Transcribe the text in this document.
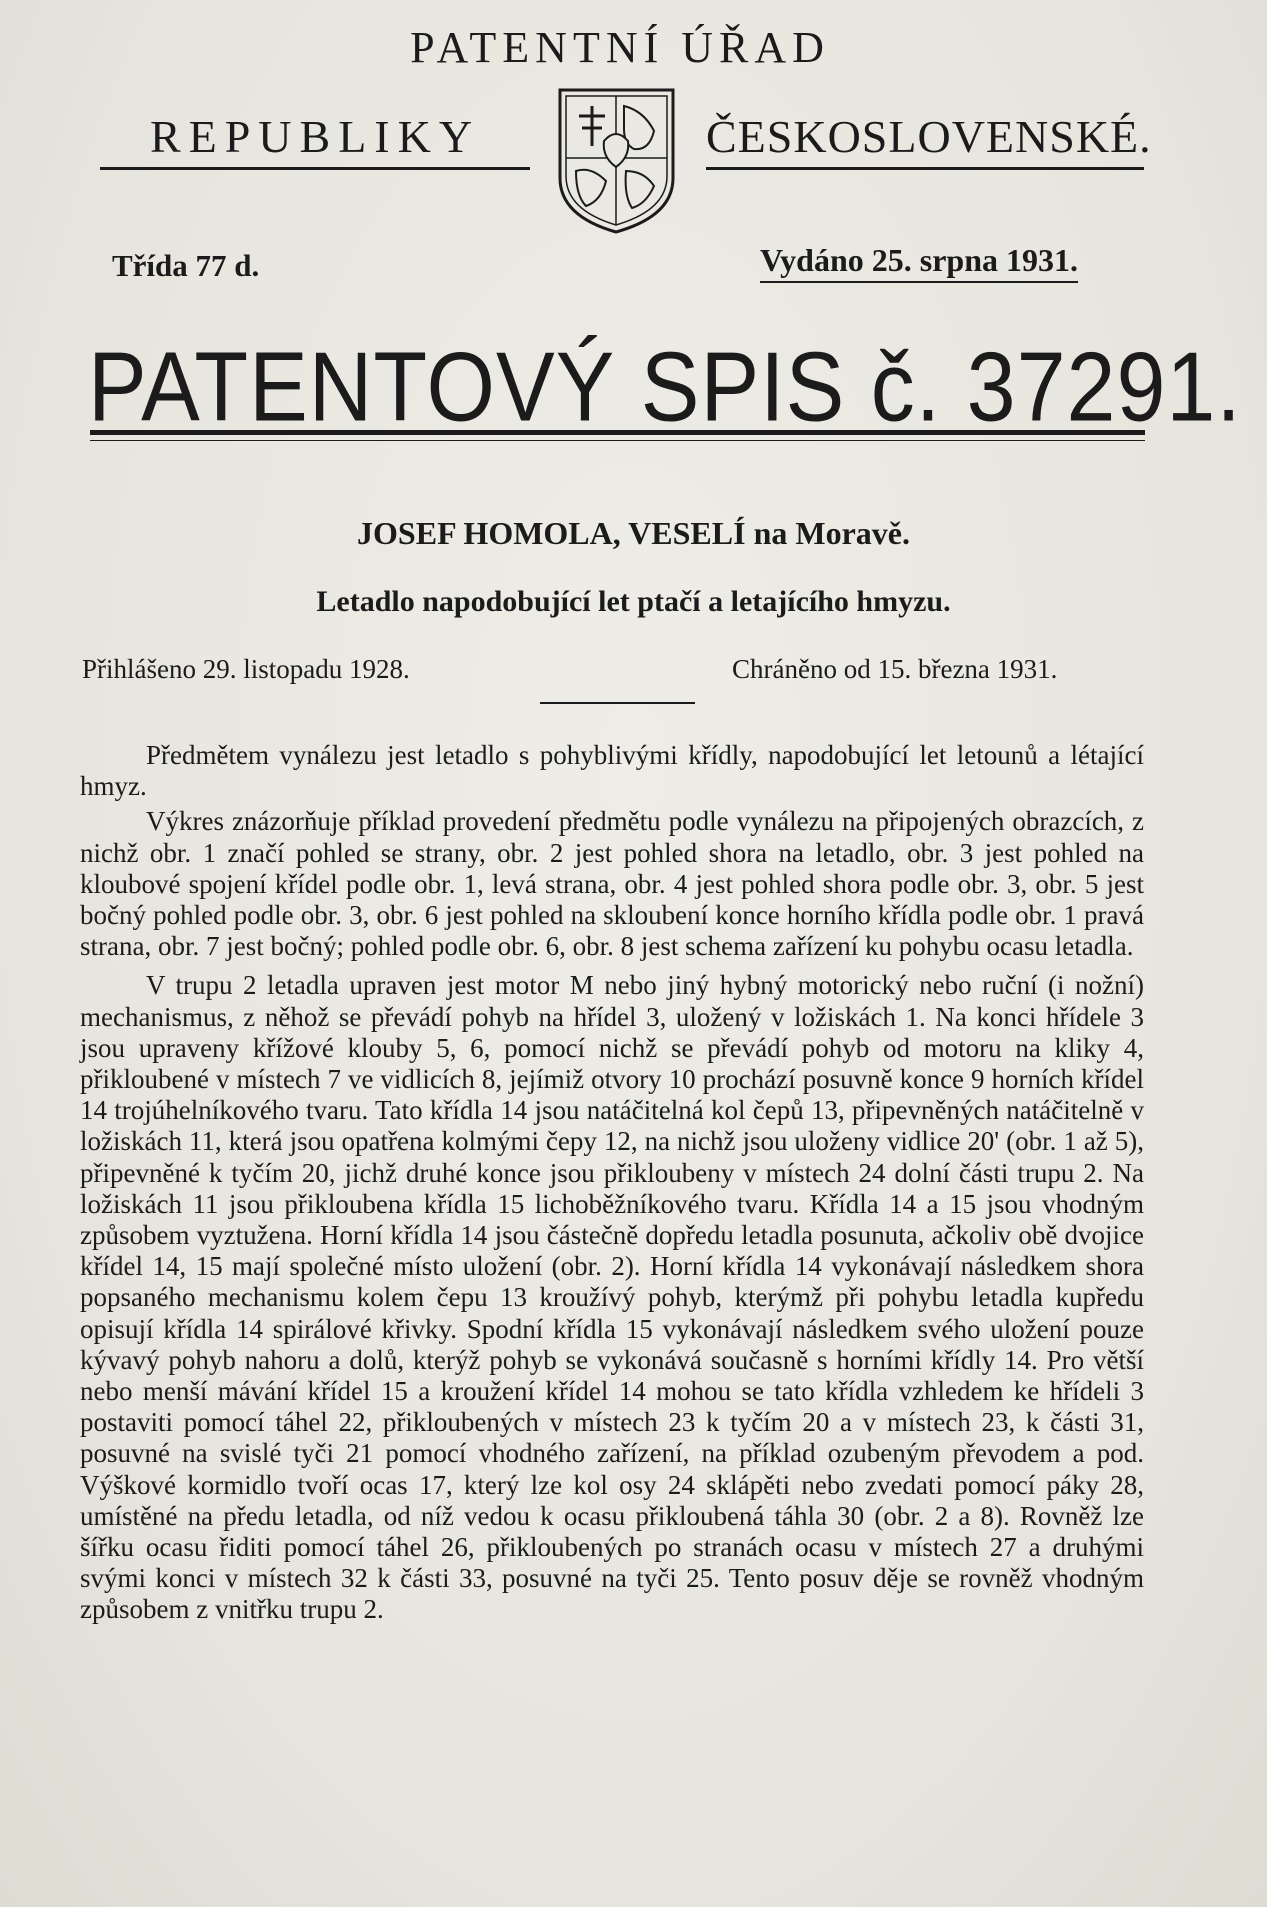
PATENTNÍ ÚŘAD
REPUBLIKY	ČESKOSLOVENSKÉ.
Třída 77 d.	Vydáno 25. srpna 1931.
PATENTOVÝ SPIS č. 37291.
JOSEF HOMOLA, VESELÍ na Moravě.
Letadlo napodobující let ptačí a letajícího hmyzu.
Přihlášeno 29. listopadu 1928.	Chráněno od 15. března 1931.

Předmětem vynálezu jest letadlo s pohyblivými křídly, napodobující let letounů a létající hmyz.

Výkres znázorňuje příklad provedení předmětu podle vynálezu na připojených obrazcích, z nichž obr. 1 značí pohled se strany, obr. 2 jest pohled shora na letadlo, obr. 3 jest pohled na kloubové spojení křídel podle obr. 1, levá strana, obr. 4 jest pohled shora podle obr. 3, obr. 5 jest bočný pohled podle obr. 3, obr. 6 jest pohled na skloubení konce horního křídla podle obr. 1 pravá strana, obr. 7 jest bočný; pohled podle obr. 6, obr. 8 jest schema zařízení ku pohybu ocasu letadla.

V trupu 2 letadla upraven jest motor M nebo jiný hybný motorický nebo ruční (i nožní) mechanismus, z něhož se převádí pohyb na hřídel 3, uložený v ložiskách 1. Na konci hřídele 3 jsou upraveny křížové klouby 5, 6, pomocí nichž se převádí pohyb od motoru na kliky 4, přikloubené v místech 7 ve vidlicích 8, jejímiž otvory 10 prochází posuvně konce 9 horních křídel 14 trojúhelníkového tvaru. Tato křídla 14 jsou natáčitelná kol čepů 13, připevněných natáčitelně v ložiskách 11, která jsou opatřena kolmými čepy 12, na nichž jsou uloženy vidlice 20' (obr. 1 až 5), připevněné k tyčím 20, jichž druhé konce jsou přikloubeny v místech 24 dolní části trupu 2. Na ložiskách 11 jsou přikloubena křídla 15 lichoběžníkového tvaru. Křídla 14 a 15 jsou vhodným způsobem vyztužena. Horní křídla 14 jsou částečně dopředu letadla posunuta, ačkoliv obě dvojice křídel 14, 15 mají společné místo uložení (obr. 2). Horní křídla 14 vykonávají následkem shora popsaného mechanismu kolem čepu 13 kroužívý pohyb, kterýmž při pohybu letadla kupředu opisují křídla 14 spirálové křivky. Spodní křídla 15 vykonávají následkem svého uložení pouze kývavý pohyb nahoru a dolů, kterýž pohyb se vykonává současně s horními křídly 14. Pro větší nebo menší mávání křídel 15 a kroužení křídel 14 mohou se tato křídla vzhledem ke hřídeli 3 postaviti pomocí táhel 22, přikloubených v místech 23 k tyčím 20 a v místech 23, k části 31, posuvné na svislé tyči 21 pomocí vhodného zařízení, na příklad ozubeným převodem a pod. Výškové kormidlo tvoří ocas 17, který lze kol osy 24 sklápěti nebo zvedati pomocí páky 28, umístěné na předu letadla, od níž vedou k ocasu přikloubená táhla 30 (obr. 2 a 8). Rovněž lze šířku ocasu řiditi pomocí táhel 26, přikloubených po stranách ocasu v místech 27 a druhými svými konci v místech 32 k části 33, posuvné na tyči 25. Tento posuv děje se rovněž vhodným způsobem z vnitřku trupu 2.
